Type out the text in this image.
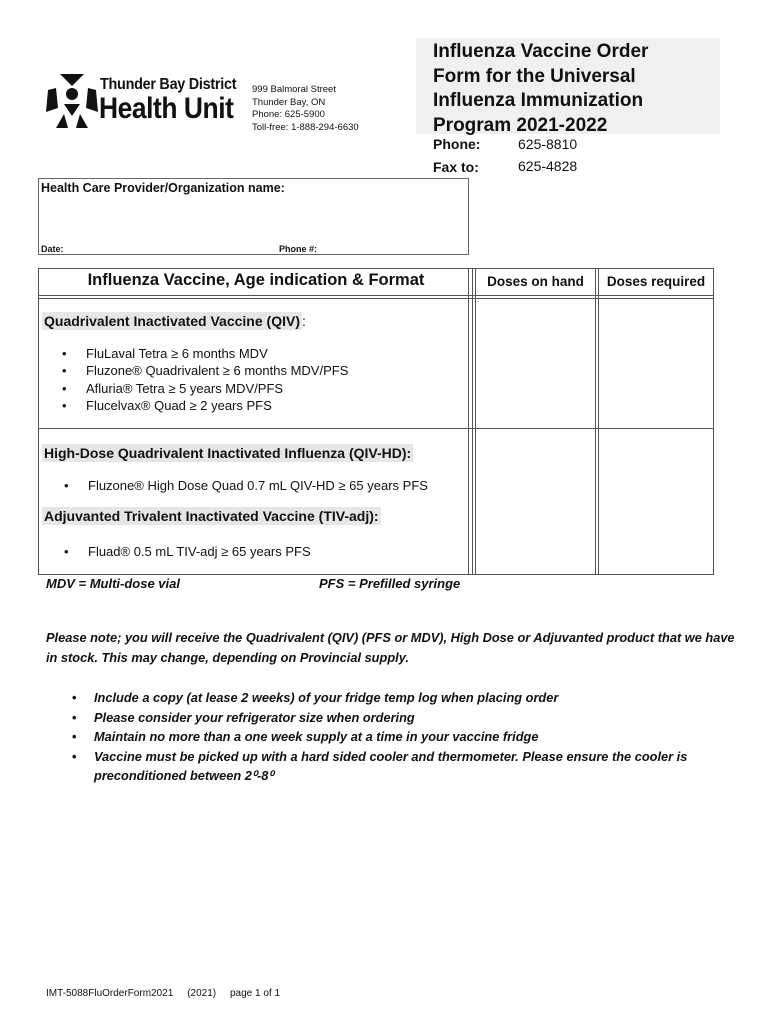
Thunder Bay District
Health Unit
999 Balmoral Street
Thunder Bay, ON
Phone: 625-5900
Toll-free: 1-888-294-6630
Influenza Vaccine Order
Form for the Universal
Influenza Immunization
Program 2021-2022
Phone:	625-8810
Fax to:	625-4828
Health Care Provider/Organization name:
Date:	Phone #:
Influenza Vaccine, Age indication & Format	Doses on hand	Doses required
Quadrivalent Inactivated Vaccine (QIV) :
• FluLaval Tetra ≥ 6 months MDV
• Fluzone® Quadrivalent ≥ 6 months MDV/PFS
• Afluria® Tetra ≥ 5 years MDV/PFS
• Flucelvax® Quad ≥ 2 years PFS
High-Dose Quadrivalent Inactivated Influenza (QIV-HD):
• Fluzone® High Dose Quad 0.7 mL QIV-HD ≥ 65 years PFS
Adjuvanted Trivalent Inactivated Vaccine (TIV-adj):
• Fluad® 0.5 mL TIV-adj ≥ 65 years PFS
MDV = Multi-dose vial	PFS = Prefilled syringe
Please note; you will receive the Quadrivalent (QIV) (PFS or MDV), High Dose or Adjuvanted product that we have in stock. This may change, depending on Provincial supply.
• Include a copy (at lease 2 weeks) of your fridge temp log when placing order
• Please consider your refrigerator size when ordering
• Maintain no more than a one week supply at a time in your vaccine fridge
• Vaccine must be picked up with a hard sided cooler and thermometer. Please ensure the cooler is preconditioned between 2⁰-8⁰
IMT-5088FluOrderForm2021 (2021) page 1 of 1
